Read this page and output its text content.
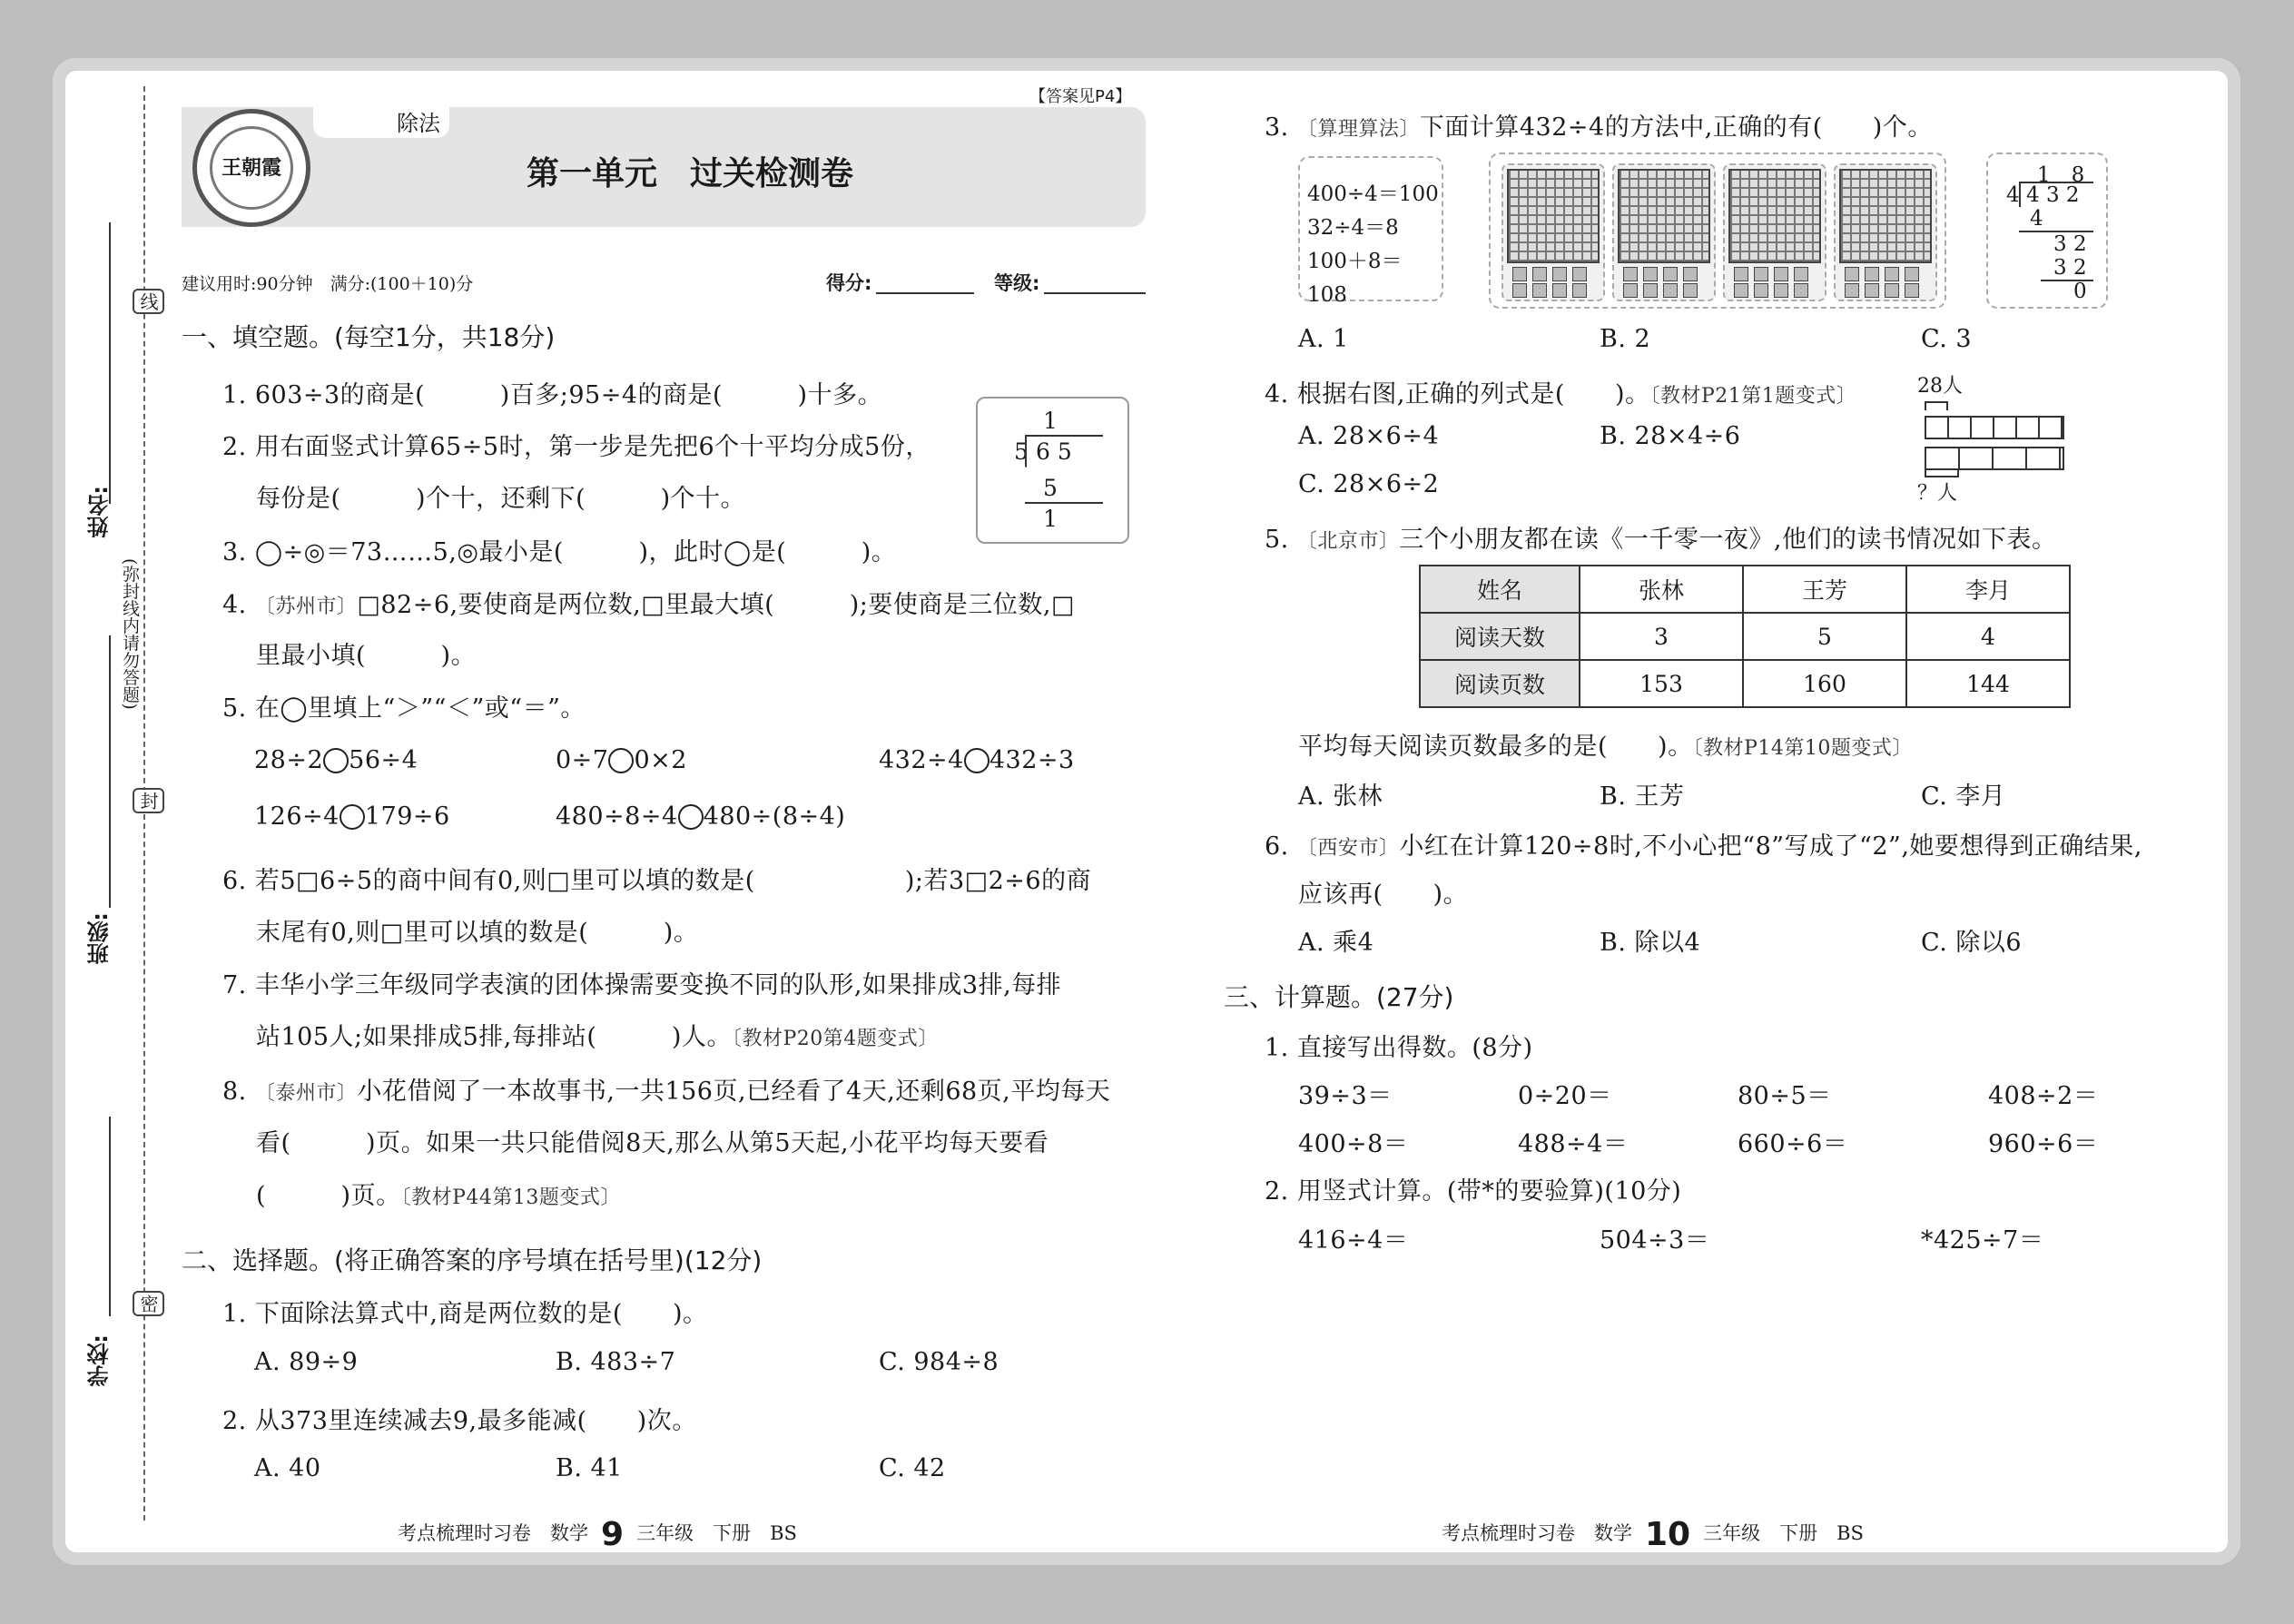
姓名:
班级:
学校:
线
封
密
(弥封线内请勿答题)
除法
【答案见P4】
王朝霞	第一单元　过关检测卷
建议用时:90分钟　满分:(100＋10)分	得分:	等级:
一、填空题。(每空1分，共18分)
1. 603÷3的商是(　　　)百多;95÷4的商是(　　　)十多。
2. 用右面竖式计算65÷5时，第一步是先把6个十平均分成5份，
每份是(　　　)个十，还剩下(　　　)个十。
1
5 6 5
5
1
3. ◯÷◎＝73……5,◎最小是(　　　)，此时◯是(　　　)。
4. 〔苏州市〕□82÷6,要使商是两位数,□里最大填(　　　);要使商是三位数,□
里最小填(　　　)。
5. 在◯里填上“＞”“＜”或“＝”。
28÷2 56÷4	0÷7 0×2	432÷4 432÷3
126÷4 179÷6	480÷8÷4 480÷(8÷4)
6. 若5□6÷5的商中间有0,则□里可以填的数是(　　　　　　);若3□2÷6的商
末尾有0,则□里可以填的数是(　　　)。
7. 丰华小学三年级同学表演的团体操需要变换不同的队形,如果排成3排,每排
站105人;如果排成5排,每排站(　　　)人。〔教材P20第4题变式〕
8. 〔泰州市〕小花借阅了一本故事书,一共156页,已经看了4天,还剩68页,平均每天
看(　　　)页。如果一共只能借阅8天,那么从第5天起,小花平均每天要看
(　　　)页。〔教材P44第13题变式〕
二、选择题。(将正确答案的序号填在括号里)(12分)
1. 下面除法算式中,商是两位数的是(　　)。
A. 89÷9	B. 483÷7	C. 984÷8
2. 从373里连续减去9,最多能减(　　)次。
A. 40	B. 41	C. 42
考点梳理时习卷　 数学 9 三年级　 下册　 BS
3. 〔算理算法〕下面计算432÷4的方法中,正确的有(　　)个。
400÷4＝100
32÷4＝8
100＋8＝108
1　8
4 4 3 2
4
3 2
3 2
0
A. 1	B. 2	C. 3
4. 根据右图,正确的列式是(　　)。〔教材P21第1题变式〕	28人
？人
A. 28×6÷4	B. 28×4÷6
C. 28×6÷2
5. 〔北京市〕三个小朋友都在读《一千零一夜》,他们的读书情况如下表。
姓名	张林	王芳	李月
阅读天数	3	5	4
阅读页数	153	160	144
平均每天阅读页数最多的是(　　)。〔教材P14第10题变式〕
A. 张林	B. 王芳	C. 李月
6. 〔西安市〕小红在计算120÷8时,不小心把“8”写成了“2”,她要想得到正确结果,
应该再(　　)。
A. 乘4	B. 除以4	C. 除以6
三、计算题。(27分)
1. 直接写出得数。(8分)
39÷3＝	0÷20＝	80÷5＝	408÷2＝
400÷8＝	488÷4＝	660÷6＝	960÷6＝
2. 用竖式计算。(带*的要验算)(10分)
416÷4＝	504÷3＝	*425÷7＝
考点梳理时习卷　 数学 10 三年级　 下册　 BS
